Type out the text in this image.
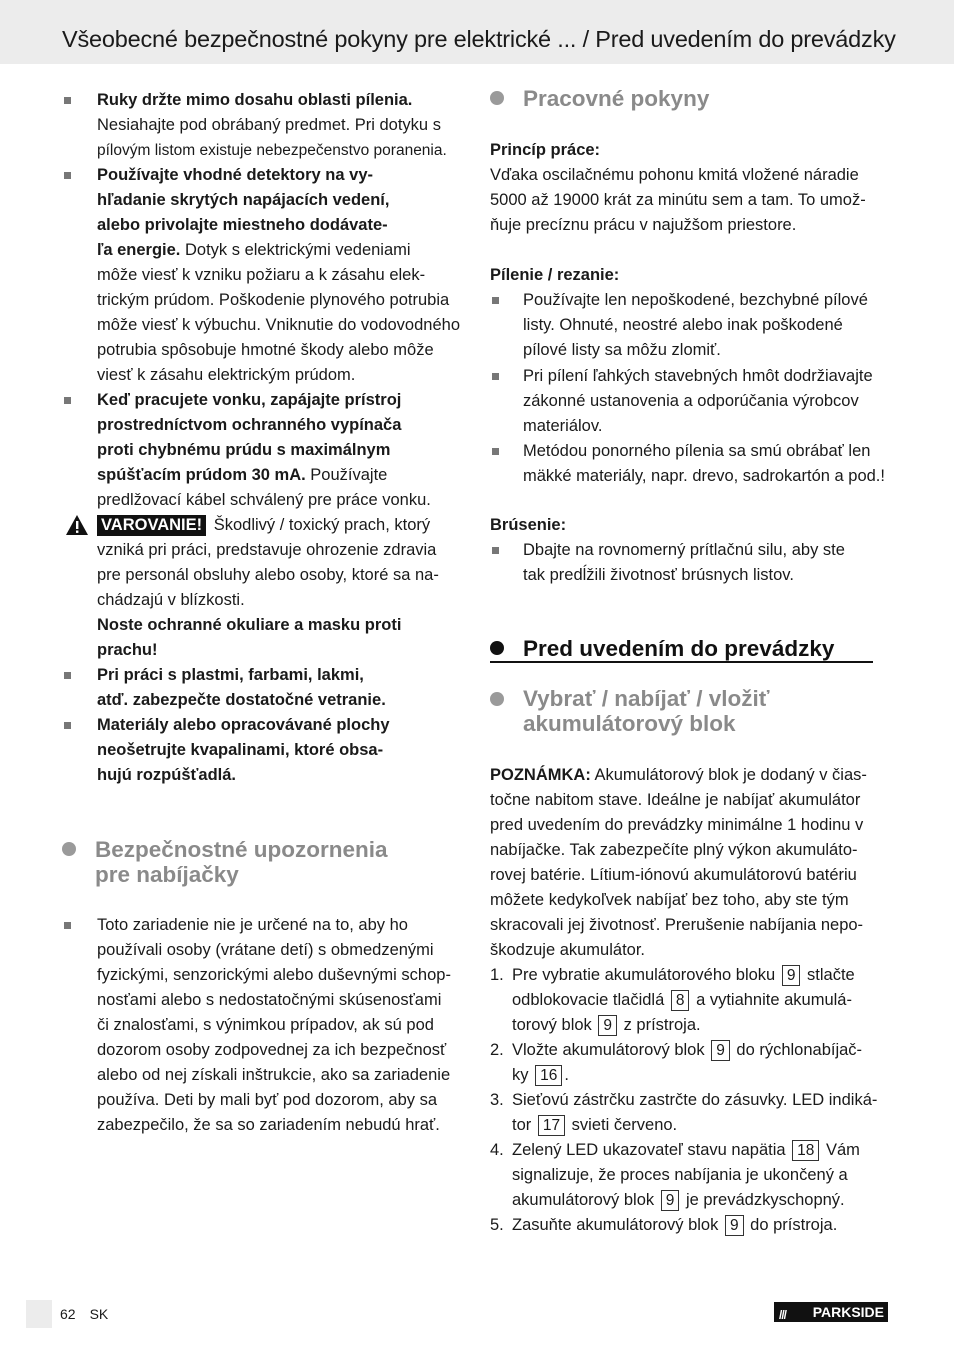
Všeobecné bezpečnostné pokyny pre elektrické ... / Pred uvedením do prevádzky
Ruky držte mimo dosahu oblasti pílenia.
Nesiahajte pod obrábaný predmet. Pri dotyku s
pílovým listom existuje nebezpečenstvo poranenia.
Používajte vhodné detektory na vy-
hľadanie skrytých napájacích vedení,
alebo privolajte miestneho dodávate-
ľa energie. Dotyk s elektrickými vedeniami
môže viesť k vzniku požiaru a k zásahu elek-
trickým prúdom. Poškodenie plynového potrubia
môže viesť k výbuchu. Vniknutie do vodovodného
potrubia spôsobuje hmotné škody alebo môže
viesť k zásahu elektrickým prúdom.
Keď pracujete vonku, zapájajte prístroj
prostredníctvom ochranného vypínača
proti chybnému prúdu s maximálnym
spúšťacím prúdom 30 mA. Používajte
predlžovací kábel schválený pre práce vonku.
VAROVANIE! Škodlivý / toxický prach, ktorý
vzniká pri práci, predstavuje ohrozenie zdravia
pre personál obsluhy alebo osoby, ktoré sa na-
chádzajú v blízkosti.
Noste ochranné okuliare a masku proti
prachu!
Pri práci s plastmi, farbami, lakmi,
atď. zabezpečte dostatočné vetranie.
Materiály alebo opracovávané plochy
neošetrujte kvapalinami, ktoré obsa-
hujú rozpúšťadlá.
Bezpečnostné upozornenia
pre nabíjačky
Toto zariadenie nie je určené na to, aby ho
používali osoby (vrátane detí) s obmedzenými
fyzickými, senzorickými alebo duševnými schop-
nosťami alebo s nedostatočnými skúsenosťami
či znalosťami, s výnimkou prípadov, ak sú pod
dozorom osoby zodpovednej za ich bezpečnosť
alebo od nej získali inštrukcie, ako sa zariadenie
používa. Deti by mali byť pod dozorom, aby sa
zabezpečilo, že sa so zariadením nebudú hrať.
Pracovné pokyny
Princíp práce:
Vďaka oscilačnému pohonu kmitá vložené náradie
5000 až 19000 krát za minútu sem a tam. To umož-
ňuje precíznu prácu v najužšom priestore.
Pílenie / rezanie:
Používajte len nepoškodené, bezchybné pílové
listy. Ohnuté, neostré alebo inak poškodené
pílové listy sa môžu zlomiť.
Pri pílení ľahkých stavebných hmôt dodržiavajte
zákonné ustanovenia a odporúčania výrobcov
materiálov.
Metódou ponorného pílenia sa smú obrábať len
mäkké materiály, napr. drevo, sadrokartón a pod.!
Brúsenie:
Dbajte na rovnomerný prítlačnú silu, aby ste
tak predĺžili životnosť brúsnych listov.
Pred uvedením do prevádzky
Vybrať / nabíjať / vložiť
akumulátorový blok
POZNÁMKA: Akumulátorový blok je dodaný v čias-
točne nabitom stave. Ideálne je nabíjať akumulátor
pred uvedením do prevádzky minimálne 1 hodinu v
nabíjačke. Tak zabezpečíte plný výkon akumuláto-
rovej batérie. Lítium-iónovú akumulátorovú batériu
môžete kedykoľvek nabíjať bez toho, aby ste tým
skracovali jej životnosť. Prerušenie nabíjania nepo-
škodzuje akumulátor.
1. Pre vybratie akumulátorového bloku 9 stlačte
odblokovacie tlačidlá 8 a vytiahnite akumulá-
torový blok 9 z prístroja.
2. Vložte akumulátorový blok 9 do rýchlonabíjač-
ky 16 .
3. Sieťovú zástrčku zastrčte do zásuvky. LED indiká-
tor 17 svieti červeno.
4. Zelený LED ukazovateľ stavu napätia 18 Vám
signalizuje, že proces nabíjania je ukončený a
akumulátorový blok 9 je prevádzkyschopný.
5. Zasuňte akumulátorový blok 9 do prístroja.
62 SK	/// PARKSIDE
